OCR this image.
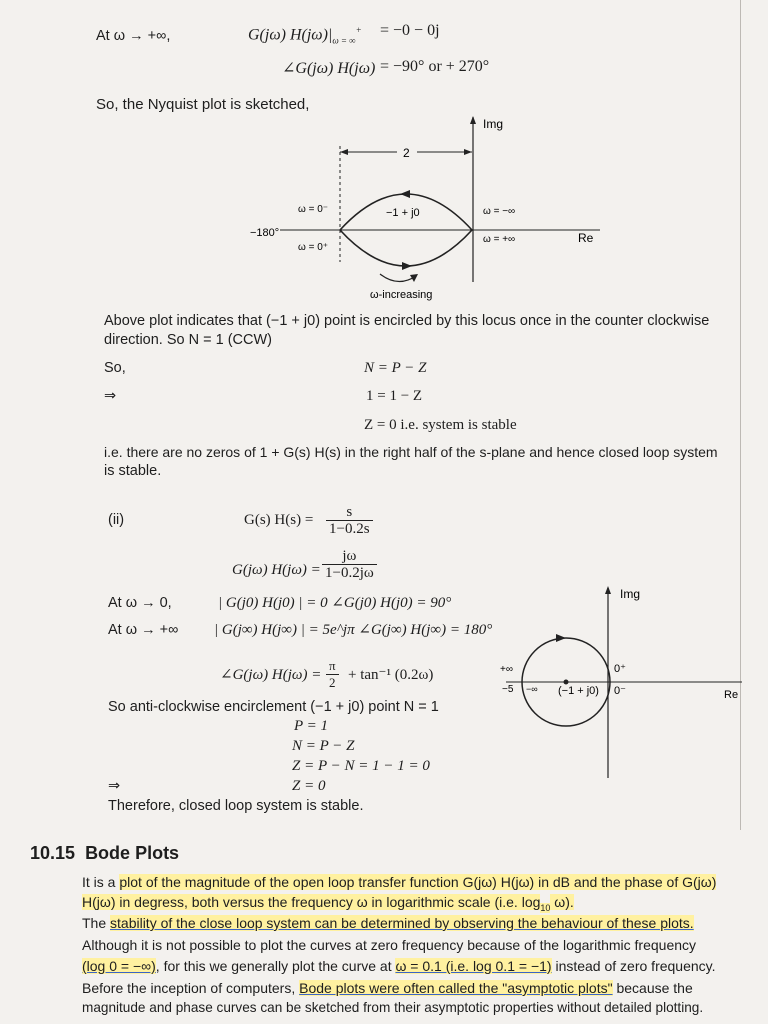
At ω → +∞,	G(jω) $H(j\omega)|_{\omega = \infty}^+ = -0 - 0j$
∠G(jω) H(jω) = −90° or + 270°
So, the Nyquist plot is sketched,
Img
Re
2
ω = 0⁻
ω = 0⁺
−180°
−1 + j0	ω = −∞
ω = +∞
ω-increasing
Above plot indicates that (−1 + j0) point is encircled by this locus once in the counter clockwise
direction. So N = 1 (CCW)
So,	N = P − Z
⇒	1 = 1 − Z
Z = 0 i.e. system is stable
i.e. there are no zeros of 1 + G(s) H(s) in the right half of the s-plane and hence closed loop system
is stable.
(ii)	G(s) $H(s) = \frac{s}{1-0.2s}$
G(jω) $H(j\omega) = \frac{j\omega}{1-0.2j\omega}$
At ω → 0,	| G(j0) H(j0) | = 0 ∠G(j0) H(j0) = 90°
At ω → +∞ | G(j∞) H(j∞) | = 5e^jπ ∠G(j∞) H(j∞) = 180°
∠G(jω) $H(j\omega) = \frac{\pi}{2} + \tan^{-1}$ (0.2ω)
So anti-clockwise encirclement (−1 + j0) point N = 1
P = 1
N = P − Z
Z = P − N = 1 − 1 = 0
⇒	Z = 0
Therefore, closed loop system is stable.
Img
Re
+∞
−5 −∞ (−1 + j0)
0⁺
0⁻
10.15 Bode Plots
It is a plot of the magnitude of the open loop transfer function G(jω) H(jω) in dB and the phase of G(jω)
H(jω) in degress, both versus the frequency ω in logarithmic scale (i.e. $\log_{10} \omega$).
The stability of the close loop system can be determined by observing the behaviour of these plots.
Although it is not possible to plot the curves at zero frequency because of the logarithmic frequency
(log 0 = −∞), for this we generally plot the curve at ω = 0.1 (i.e. log 0.1 = −1) instead of zero frequency.
Before the inception of computers, Bode plots were often called the "asymptotic plots" because the
magnitude and phase curves can be sketched from their asymptotic properties without detailed plotting.
